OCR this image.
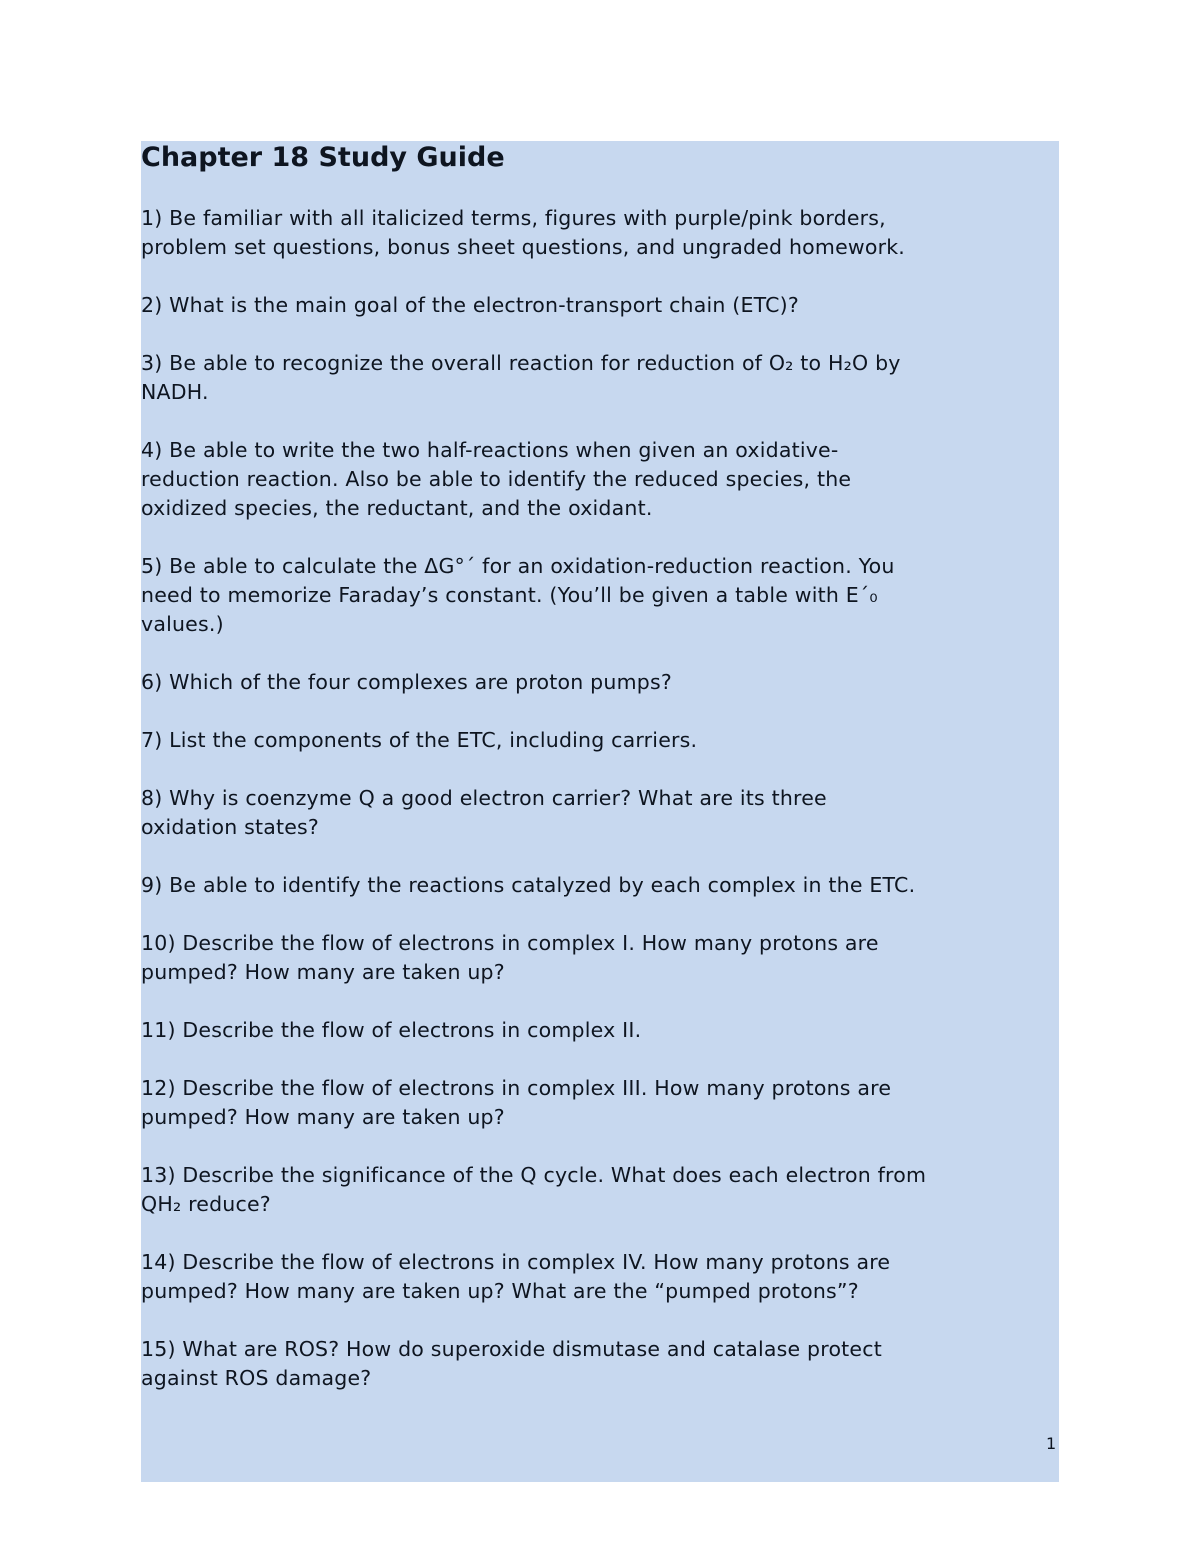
Chapter 18 Study Guide
1) Be familiar with all italicized terms, figures with purple/pink borders,
problem set questions, bonus sheet questions, and ungraded homework.
2) What is the main goal of the electron-transport chain (ETC)?
3) Be able to recognize the overall reaction for reduction of O₂ to H₂O by
NADH.
4) Be able to write the two half-reactions when given an oxidative-
reduction reaction. Also be able to identify the reduced species, the
oxidized species, the reductant, and the oxidant.
5) Be able to calculate the ΔG°´ for an oxidation-reduction reaction. You
need to memorize Faraday’s constant. (You’ll be given a table with E´₀
values.)
6) Which of the four complexes are proton pumps?
7) List the components of the ETC, including carriers.
8) Why is coenzyme Q a good electron carrier? What are its three
oxidation states?
9) Be able to identify the reactions catalyzed by each complex in the ETC.
10) Describe the flow of electrons in complex I. How many protons are
pumped? How many are taken up?
11) Describe the flow of electrons in complex II.
12) Describe the flow of electrons in complex III. How many protons are
pumped? How many are taken up?
13) Describe the significance of the Q cycle. What does each electron from
QH₂ reduce?
14) Describe the flow of electrons in complex IV. How many protons are
pumped? How many are taken up? What are the “pumped protons”?
15) What are ROS? How do superoxide dismutase and catalase protect
against ROS damage?
1
